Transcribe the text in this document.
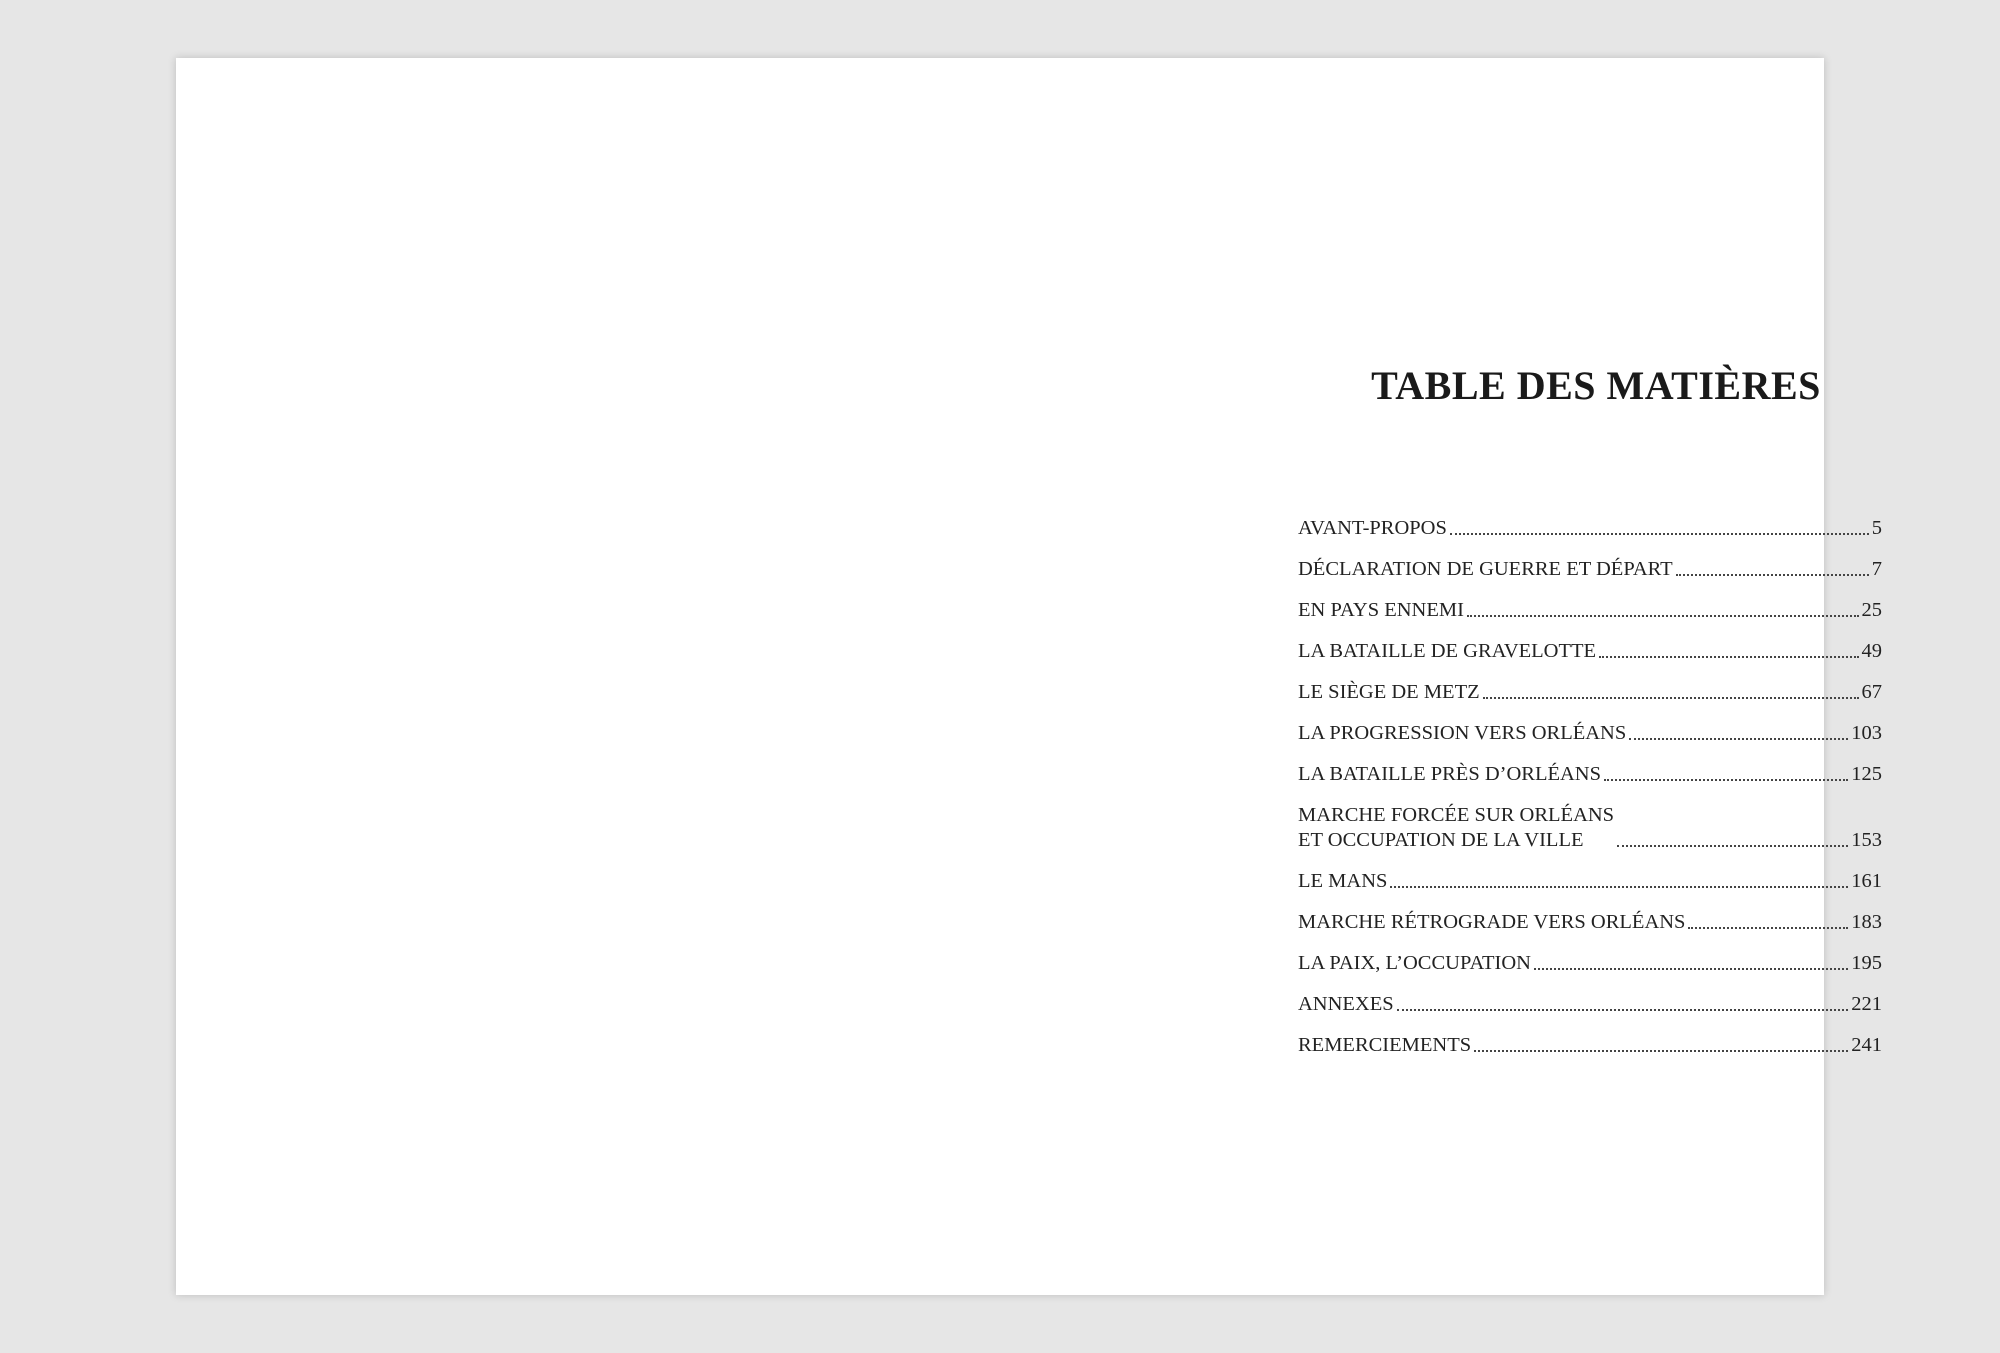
TABLE DES MATIÈRES
AVANT-PROPOS	5
DÉCLARATION DE GUERRE ET DÉPART	7
EN PAYS ENNEMI	25
LA BATAILLE DE GRAVELOTTE	49
LE SIÈGE DE METZ	67
LA PROGRESSION VERS ORLÉANS	103
LA BATAILLE PRÈS D’ORLÉANS	125
MARCHE FORCÉE SUR ORLÉANS
ET OCCUPATION DE LA VILLE	153
LE MANS	161
MARCHE RÉTROGRADE VERS ORLÉANS	183
LA PAIX, L’OCCUPATION	195
ANNEXES	221
REMERCIEMENTS	241
